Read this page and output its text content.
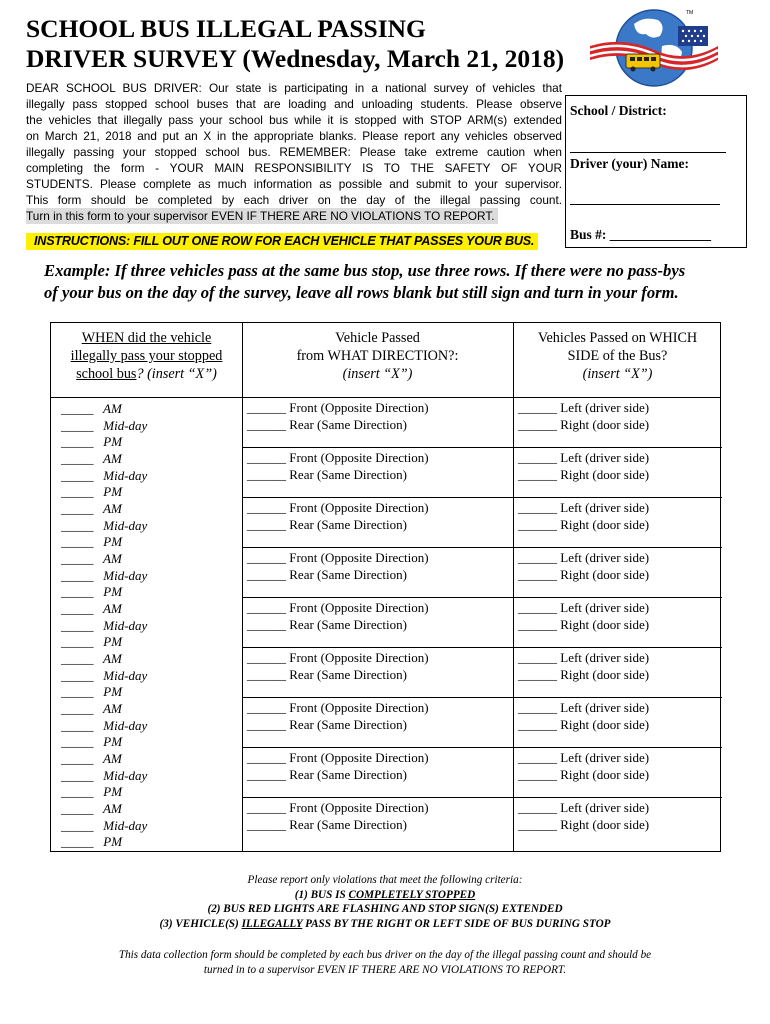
SCHOOL BUS ILLEGAL PASSING
DRIVER SURVEY (Wednesday, March 21, 2018)
TM
DEAR SCHOOL BUS DRIVER: Our state is participating in a national survey of vehicles that
illegally pass stopped school buses that are loading and unloading students. Please observe
the vehicles that illegally pass your school bus while it is stopped with STOP ARM(s) extended
on March 21, 2018 and put an X in the appropriate blanks. Please report any vehicles observed
illegally passing your stopped school bus. REMEMBER: Please take extreme caution when
completing the form - YOUR MAIN RESPONSIBILITY IS TO THE SAFETY OF YOUR
STUDENTS. Please complete as much information as possible and submit to your supervisor.
This form should be completed by each driver on the day of the illegal passing count.
Turn in this form to your supervisor EVEN IF THERE ARE NO VIOLATIONS TO REPORT.
INSTRUCTIONS: FILL OUT ONE ROW FOR EACH VEHICLE THAT PASSES YOUR BUS.
School / District:
Driver (your) Name:
Bus #: _______________
Example: If three vehicles pass at the same bus stop, use three rows. If there were no pass-bys
of your bus on the day of the survey, leave all rows blank but still sign and turn in your form.
WHEN did the vehicle
illegally pass your stopped
school bus? (insert “X”)
Vehicle Passed
from WHAT DIRECTION?:
(insert “X”)
Vehicles Passed on WHICH
SIDE of the Bus?
(insert “X”)
_____   AM
_____   Mid-day
_____   PM
______ Front (Opposite Direction)
______ Rear (Same Direction)
______ Left (driver side)
______ Right (door side)
_____   AM
_____   Mid-day
_____   PM
______ Front (Opposite Direction)
______ Rear (Same Direction)
______ Left (driver side)
______ Right (door side)
_____   AM
_____   Mid-day
_____   PM
______ Front (Opposite Direction)
______ Rear (Same Direction)
______ Left (driver side)
______ Right (door side)
_____   AM
_____   Mid-day
_____   PM
______ Front (Opposite Direction)
______ Rear (Same Direction)
______ Left (driver side)
______ Right (door side)
_____   AM
_____   Mid-day
_____   PM
______ Front (Opposite Direction)
______ Rear (Same Direction)
______ Left (driver side)
______ Right (door side)
_____   AM
_____   Mid-day
_____   PM
______ Front (Opposite Direction)
______ Rear (Same Direction)
______ Left (driver side)
______ Right (door side)
_____   AM
_____   Mid-day
_____   PM
______ Front (Opposite Direction)
______ Rear (Same Direction)
______ Left (driver side)
______ Right (door side)
_____   AM
_____   Mid-day
_____   PM
______ Front (Opposite Direction)
______ Rear (Same Direction)
______ Left (driver side)
______ Right (door side)
_____   AM
_____   Mid-day
_____   PM
______ Front (Opposite Direction)
______ Rear (Same Direction)
______ Left (driver side)
______ Right (door side)
Please report only violations that meet the following criteria:
(1) BUS IS COMPLETELY STOPPED
(2) BUS RED LIGHTS ARE FLASHING AND STOP SIGN(S) EXTENDED
(3) VEHICLE(S) ILLEGALLY PASS BY THE RIGHT OR LEFT SIDE OF BUS DURING STOP
This data collection form should be completed by each bus driver on the day of the illegal passing count and should be
turned in to a supervisor EVEN IF THERE ARE NO VIOLATIONS TO REPORT.
